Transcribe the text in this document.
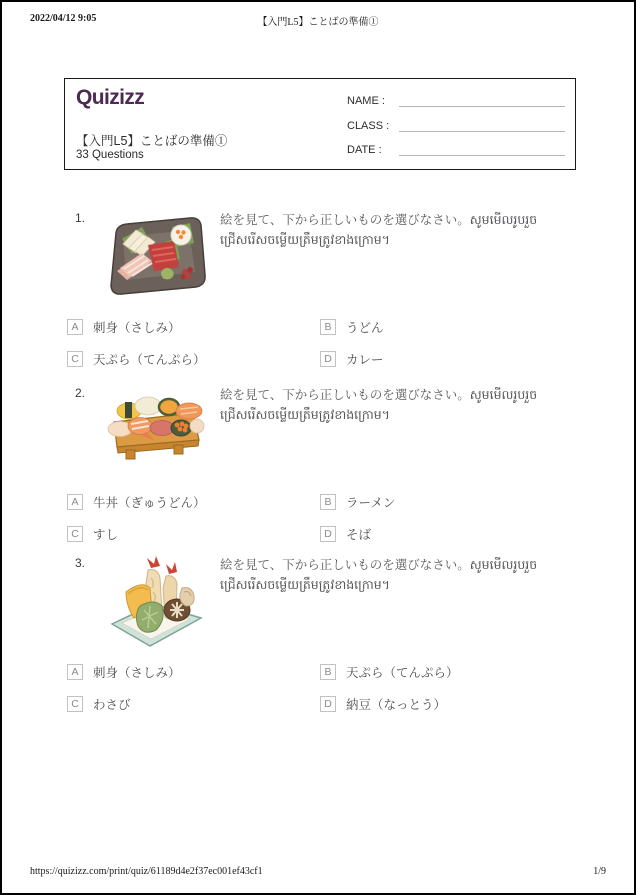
2022/04/12 9:05	【入門L5】ことばの準備①
Quizizz
【入門L5】ことばの準備①
33 Questions
NAME :
CLASS :
DATE :
1.	絵を見て、下から正しいものを選びなさい。សូមមើលរូបរួចជ្រើសរើសចម្លើយត្រឹមត្រូវខាងក្រោម។
A	刺身（さしみ）	B	うどん
C	天ぷら（てんぷら）	D	カレー
2.	絵を見て、下から正しいものを選びなさい。សូមមើលរូបរួចជ្រើសរើសចម្លើយត្រឹមត្រូវខាងក្រោម។
A	牛丼（ぎゅうどん）	B	ラーメン
C	すし	D	そば
3.	絵を見て、下から正しいものを選びなさい。សូមមើលរូបរួចជ្រើសរើសចម្លើយត្រឹមត្រូវខាងក្រោម។
A	刺身（さしみ）	B	天ぷら（てんぷら）
C	わさび	D	納豆（なっとう）
https://quizizz.com/print/quiz/61189d4e2f37ec001ef43cf1	1/9
